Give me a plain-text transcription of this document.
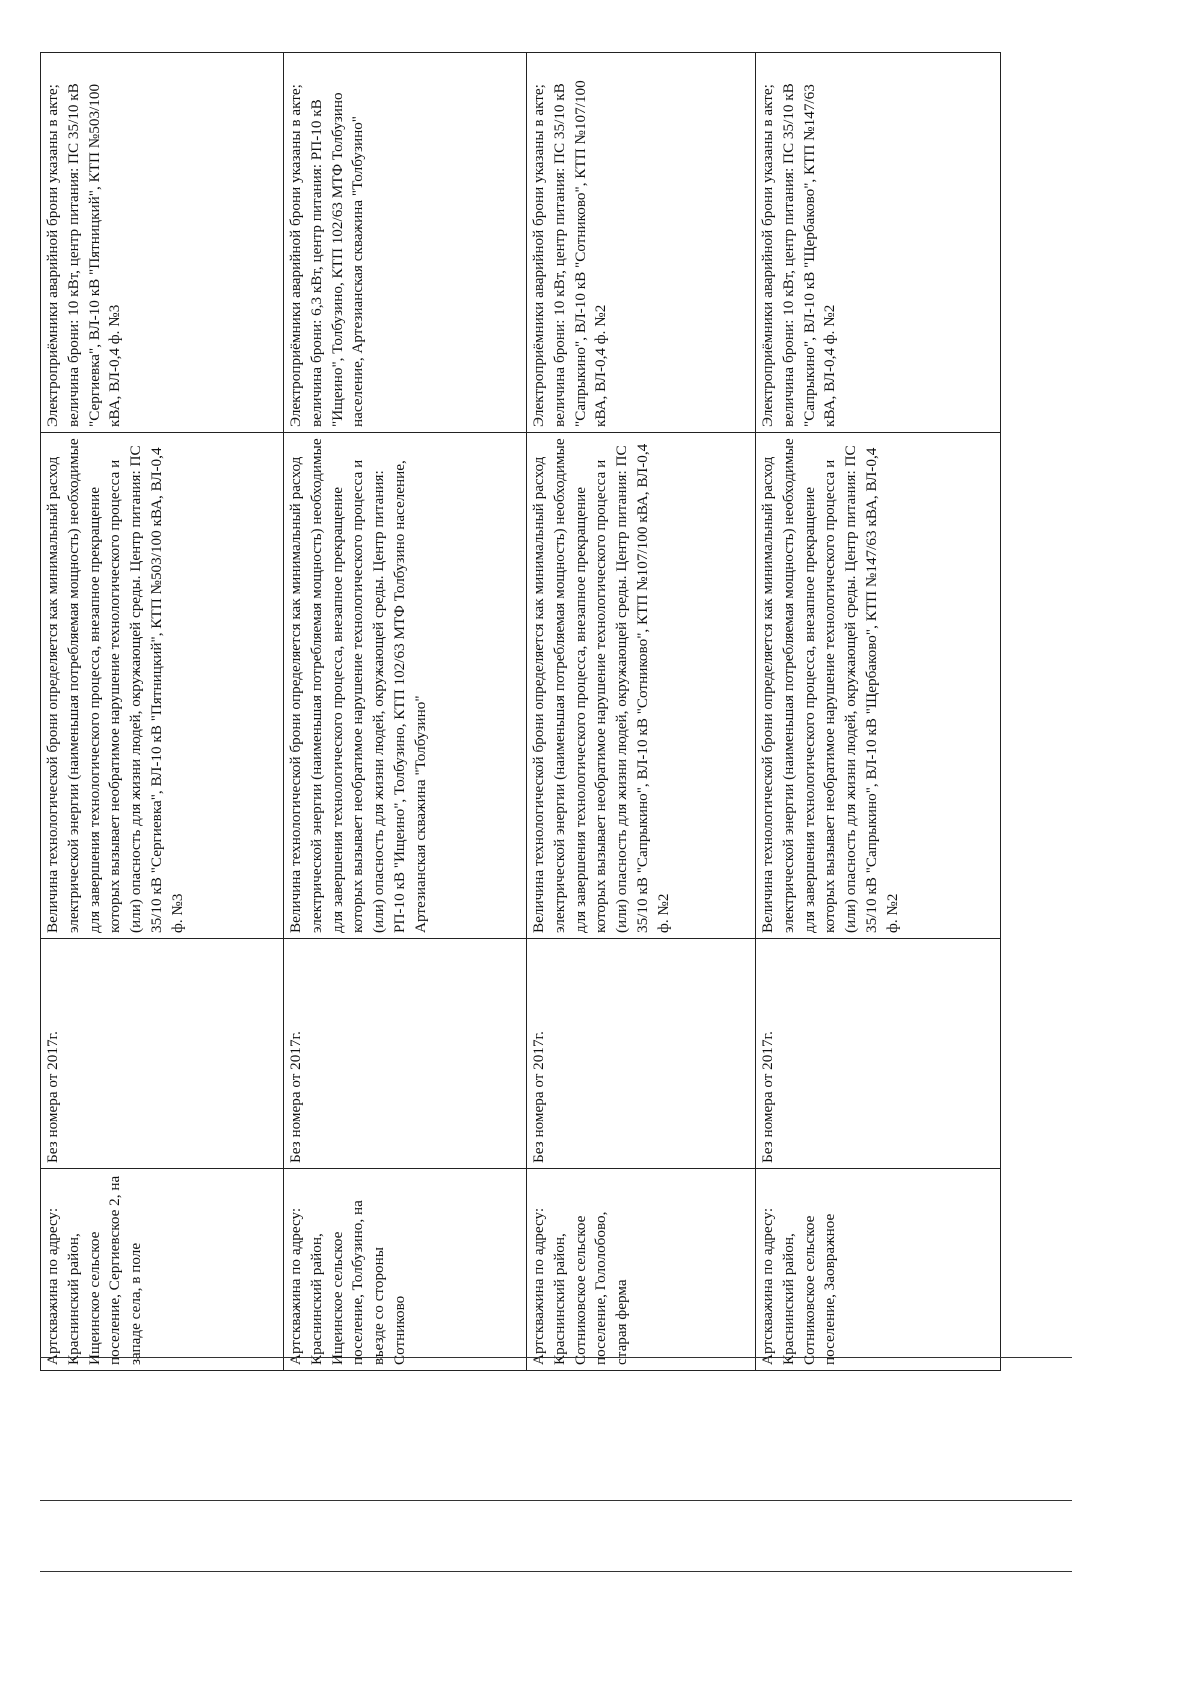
Артскважина по адресу: Краснинский район, Ищеинское сельское поселение, Сергиевское 2, на западе села, в поле	Без номера от 2017г.	Величина технологической брони определяется как минимальный расход электрической энергии (наименьшая потребляемая мощность) необходимые для завершения технологического процесса, внезапное прекращение которых вызывает необратимое нарушение технологического процесса и (или) опасность для жизни людей, окружающей среды. Центр питания: ПС 35/10 кВ "Сергиевка", ВЛ-10 кВ "Пятницкий", КТП №503/100 кВА, ВЛ-0,4 ф. №3	Электроприёмники аварийной брони указаны в акте; величина брони: 10 кВт, центр питания: ПС 35/10 кВ "Сергиевка", ВЛ-10 кВ "Пятницкий", КТП №503/100 кВА, ВЛ-0,4 ф. №3
Артскважина по адресу: Краснинский район, Ищеинское сельское поселение, Толбузино, на въезде со стороны Сотниково	Без номера от 2017г.	Величина технологической брони определяется как минимальный расход электрической энергии (наименьшая потребляемая мощность) необходимые для завершения технологического процесса, внезапное прекращение которых вызывает необратимое нарушение технологического процесса и (или) опасность для жизни людей, окружающей среды. Центр питания: РП-10 кВ "Ищеино", Толбузино, КТП 102/63 МТФ Толбузино население, Артезианская скважина "Толбузино"	Электроприёмники аварийной брони указаны в акте; величина брони: 6,3 кВт, центр питания: РП-10 кВ "Ищеино", Толбузино, КТП 102/63 МТФ Толбузино население, Артезианская скважина "Толбузино"
Артскважина по адресу: Краснинский район, Сотниковское сельское поселение, Гололобово, старая ферма	Без номера от 2017г.	Величина технологической брони определяется как минимальный расход электрической энергии (наименьшая потребляемая мощность) необходимые для завершения технологического процесса, внезапное прекращение которых вызывает необратимое нарушение технологического процесса и (или) опасность для жизни людей, окружающей среды. Центр питания: ПС 35/10 кВ "Сапрыкино", ВЛ-10 кВ "Сотниково", КТП №107/100 кВА, ВЛ-0,4 ф. №2	Электроприёмники аварийной брони указаны в акте; величина брони: 10 кВт, центр питания: ПС 35/10 кВ "Сапрыкино", ВЛ-10 кВ "Сотниково", КТП №107/100 кВА, ВЛ-0,4 ф. №2
Артскважина по адресу: Краснинский район, Сотниковское сельское поселение, Заовражное	Без номера от 2017г.	Величина технологической брони определяется как минимальный расход электрической энергии (наименьшая потребляемая мощность) необходимые для завершения технологического процесса, внезапное прекращение которых вызывает необратимое нарушение технологического процесса и (или) опасность для жизни людей, окружающей среды. Центр питания: ПС 35/10 кВ "Сапрыкино", ВЛ-10 кВ "Щербаково", КТП №147/63 кВА, ВЛ-0,4 ф. №2	Электроприёмники аварийной брони указаны в акте; величина брони: 10 кВт, центр питания: ПС 35/10 кВ "Сапрыкино", ВЛ-10 кВ "Щербаково", КТП №147/63 кВА, ВЛ-0,4 ф. №2
